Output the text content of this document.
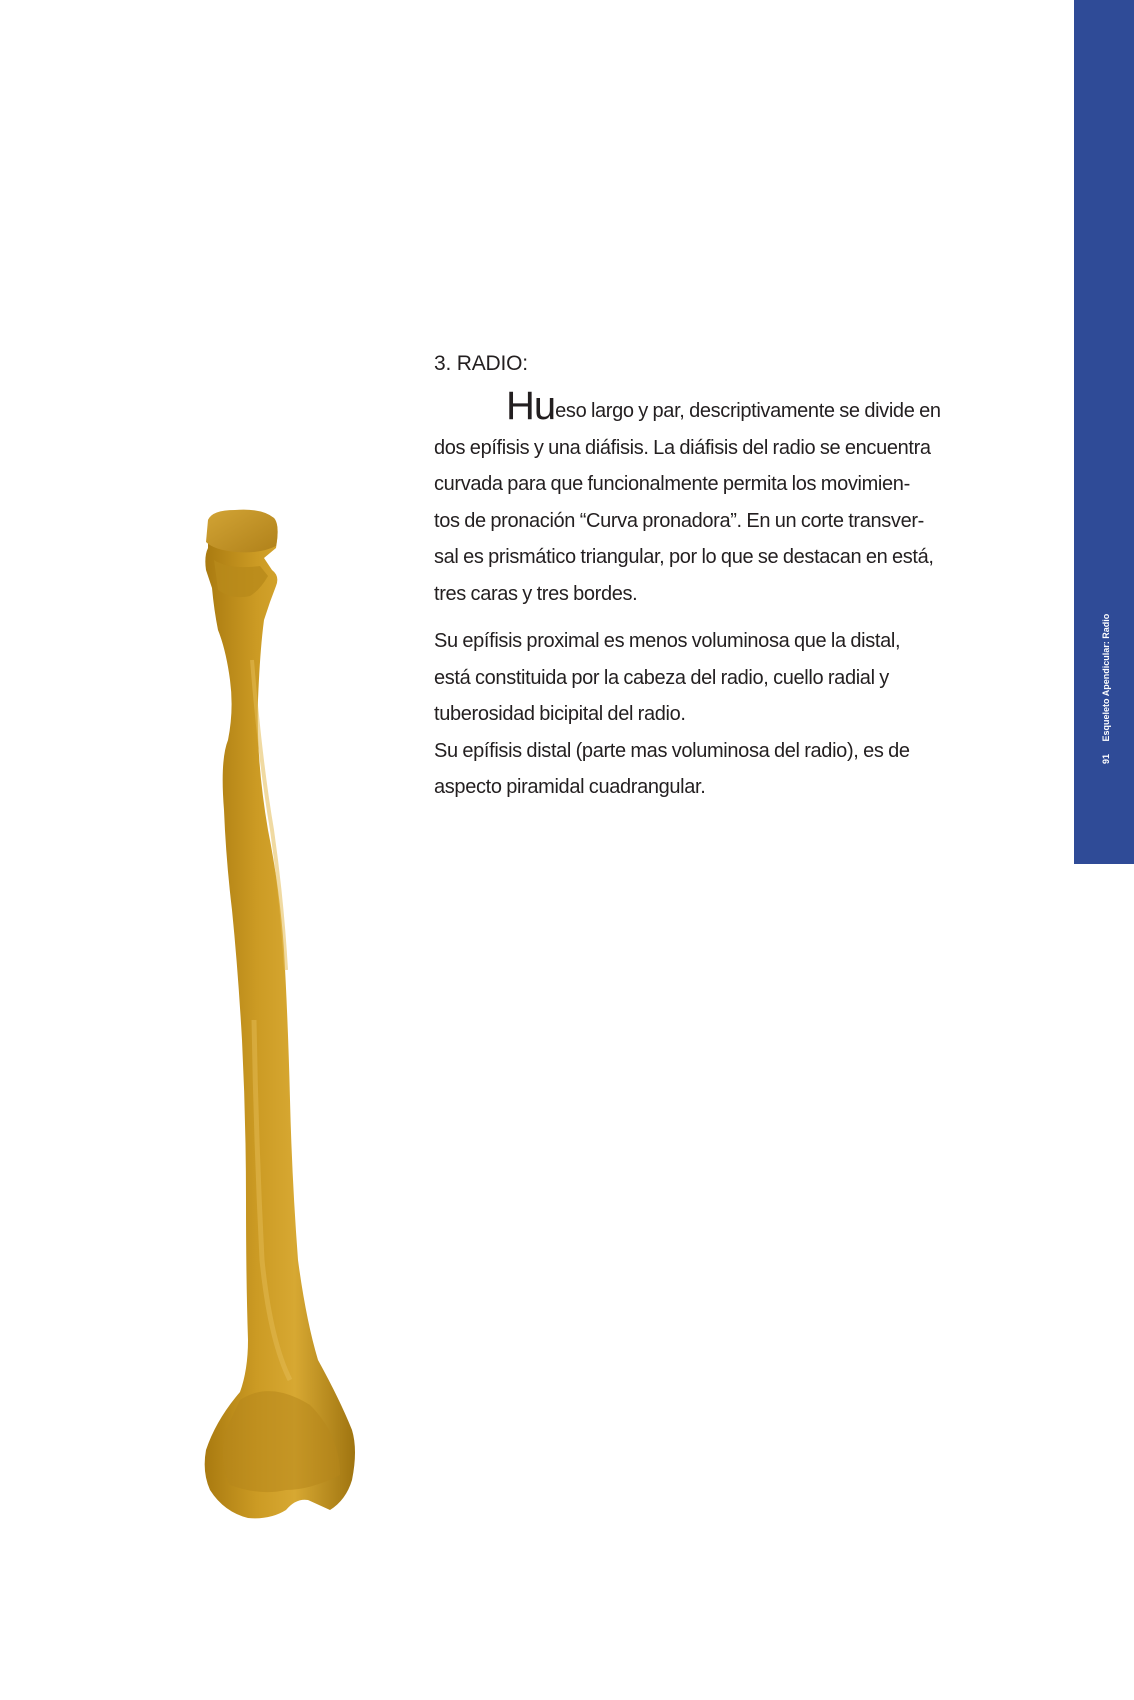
91 Esqueleto Apendicular: Radio
3. RADIO:

Hueso largo y par, descriptivamente se divide en
dos epífisis y una diáfisis. La diáfisis del radio se encuentra
curvada para que funcionalmente permita los movimien-
tos de pronación “Curva pronadora”. En un corte transver-
sal es prismático triangular, por lo que se destacan en está,
tres caras y tres bordes.

Su epífisis proximal es menos voluminosa que la distal,
está constituida por la cabeza del radio, cuello radial y
tuberosidad bicipital del radio.

Su epífisis distal (parte mas voluminosa del radio), es de
aspecto piramidal cuadrangular.
